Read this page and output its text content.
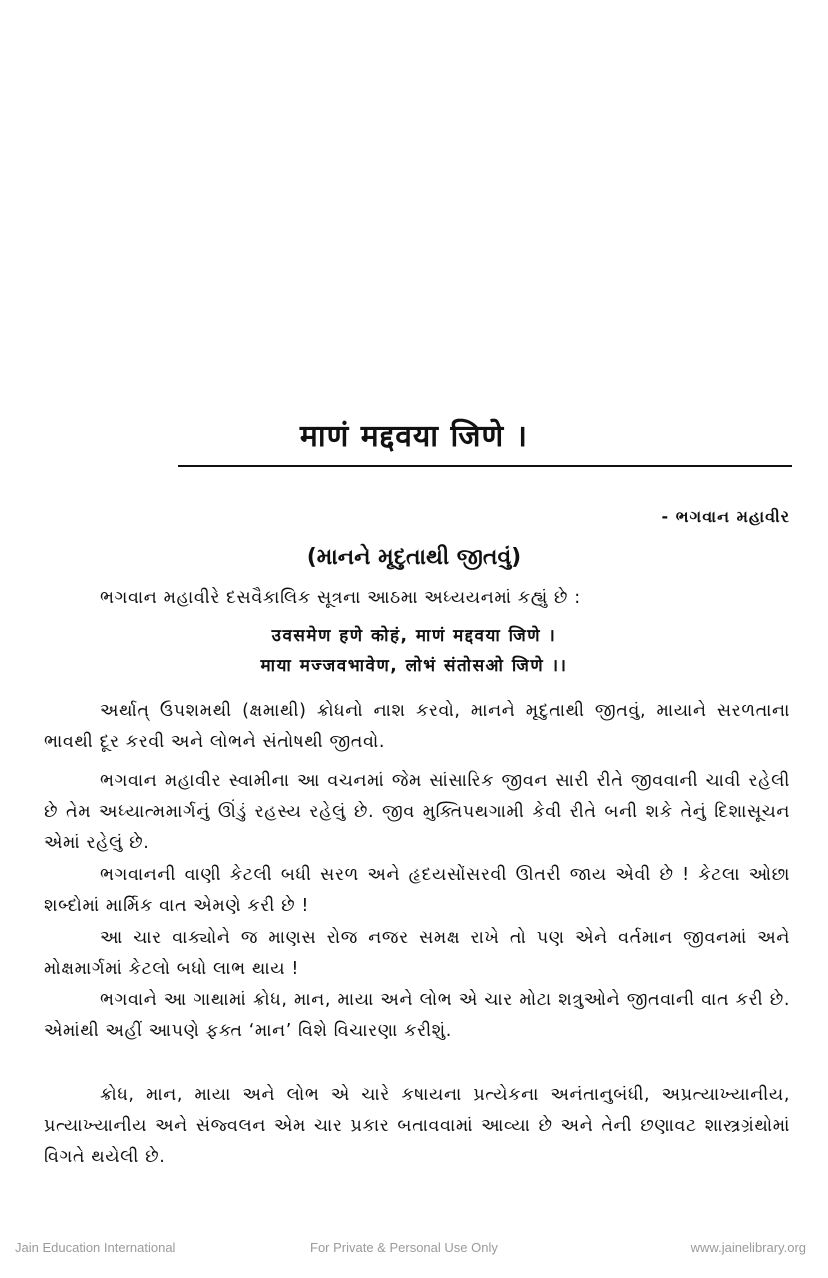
माणं मद्दवया जिणे ।
- ભગવાન મહાવીર
(માનને મૃદુતાથી જીતવું)
ભગવાન મહાવીરે દસવૈકાલિક સૂત્રના આઠમા અધ્યયનમાં કહ્યું છે :
उवसमेण हणे कोहं, माणं मद्दवया जिणे ।
माया मज्जवभावेण, लोभं संतोसओ जिणे ।।

અર્થાત્ ઉપશમથી (ક્ષમાથી) ક્રોધનો નાશ કરવો, માનને મૃદુતાથી જીતવું, માયાને સરળતાના ભાવથી દૂર કરવી અને લોભને સંતોષથી જીતવો.

ભગવાન મહાવીર સ્વામીના આ વચનમાં જેમ સાંસારિક જીવન સારી રીતે જીવવાની ચાવી રહેલી છે તેમ અધ્યાત્મમાર્ગનું ઊંડું રહસ્ય રહેલું છે. જીવ મુક્તિપથગામી કેવી રીતે બની શકે તેનું દિશાસૂચન એમાં રહેલું છે.

ભગવાનની વાણી કેટલી બધી સરળ અને હૃદયસોંસરવી ઊતરી જાય એવી છે ! કેટલા ઓછા શબ્દોમાં માર્મિક વાત એમણે કરી છે !

આ ચાર વાક્યોને જ માણસ રોજ નજર સમક્ષ રાખે તો પણ એને વર્તમાન જીવનમાં અને મોક્ષમાર્ગમાં કેટલો બધો લાભ થાય !

ભગવાને આ ગાથામાં ક્રોધ, માન, માયા અને લોભ એ ચાર મોટા શત્રુઓને જીતવાની વાત કરી છે. એમાંથી અહીં આપણે ફક્ત ‘માન’ વિશે વિચારણા કરીશું.

ક્રોધ, માન, માયા અને લોભ એ ચારે કષાયના પ્રત્યેકના અનંતાનુબંધી, અપ્રત્યાખ્યાનીય, પ્રત્યાખ્યાનીય અને સંજ્વલન એમ ચાર પ્રકાર બતાવવામાં આવ્યા છે અને તેની છણાવટ શાસ્ત્રગ્રંથોમાં વિગતે થયેલી છે.

Jain Education International	For Private & Personal Use Only	www.jainelibrary.org
